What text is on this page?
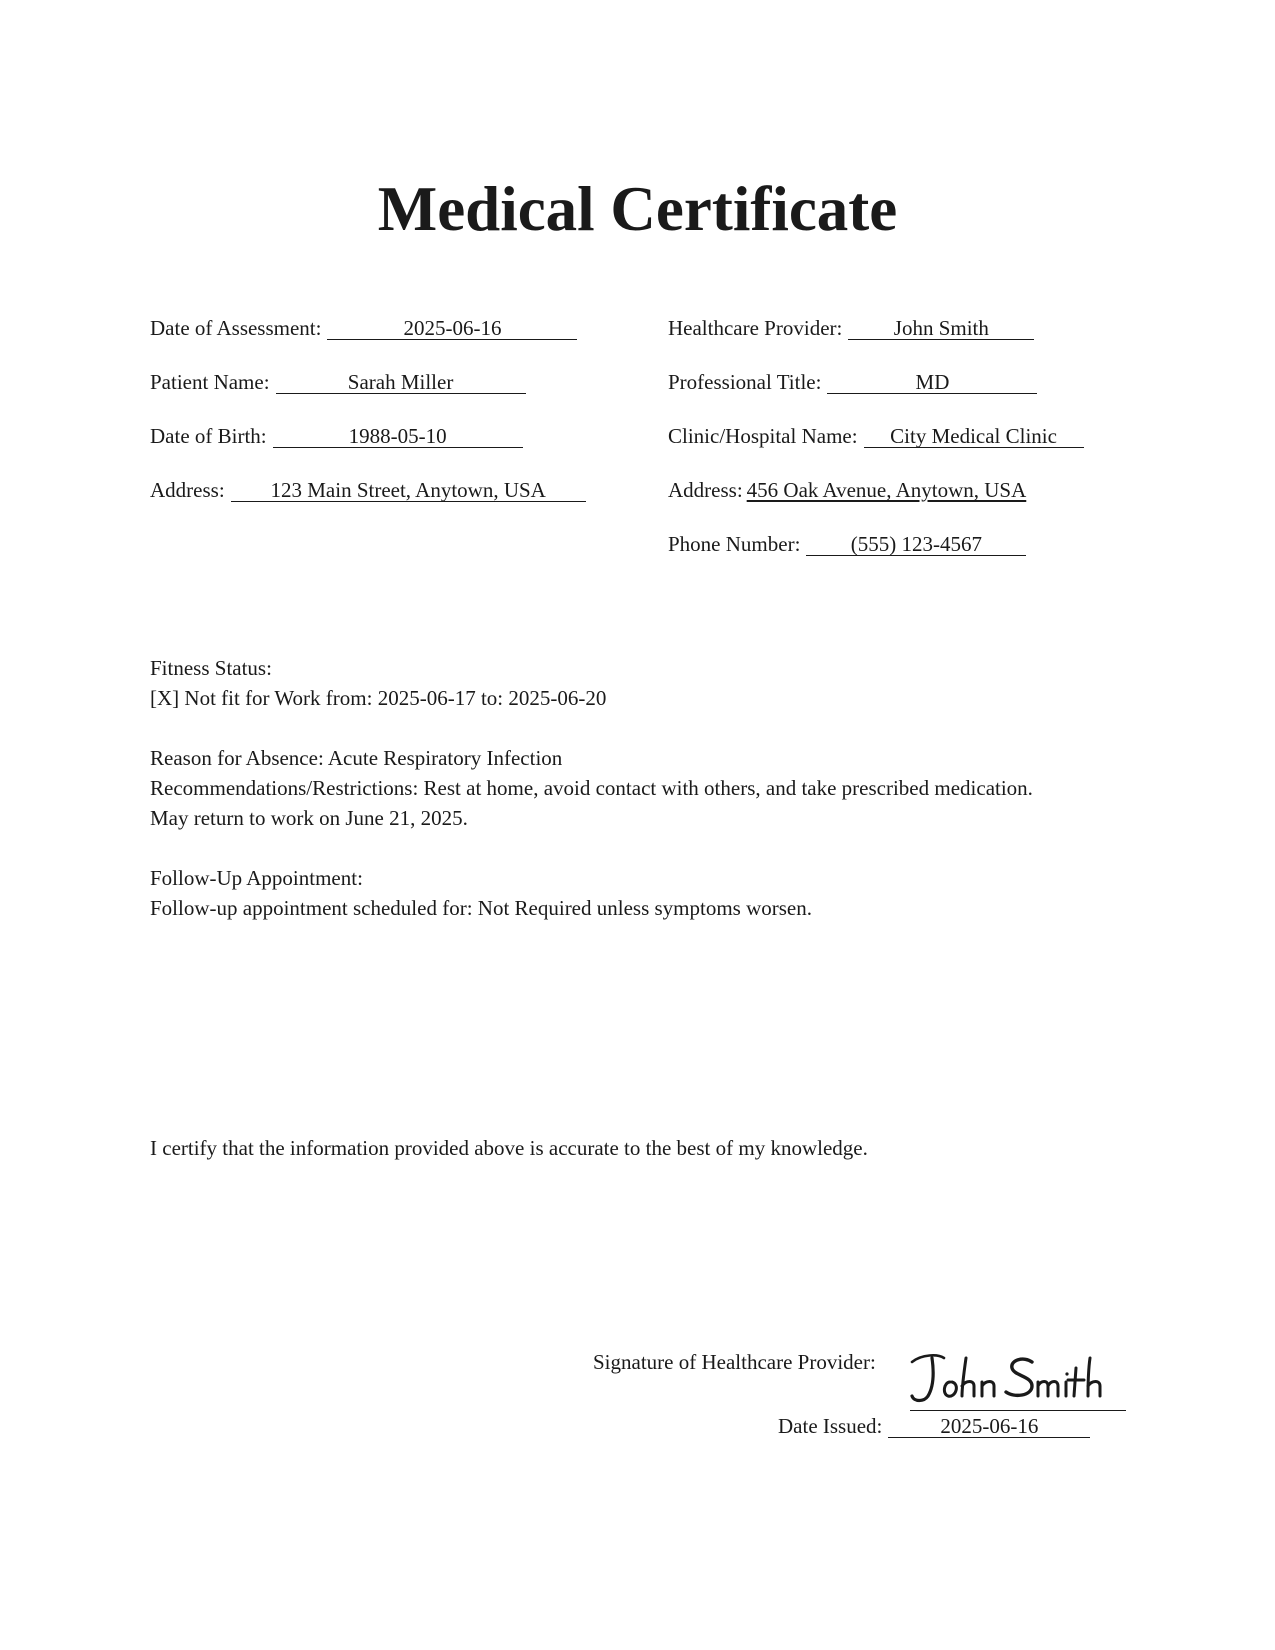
Medical Certificate
Date of Assessment:	2025-06-16
Patient Name:	Sarah Miller
Date of Birth:	1988-05-10
Address: 123 Main Street, Anytown, USA
Healthcare Provider: John Smith
Professional Title:	MD
Clinic/Hospital Name: City Medical Clinic
Address: 456 Oak Avenue, Anytown, USA
Phone Number: (555) 123-4567
Fitness Status:
[X] Not fit for Work from: 2025-06-17 to: 2025-06-20
Reason for Absence: Acute Respiratory Infection
Recommendations/Restrictions: Rest at home, avoid contact with others, and take prescribed medication.
May return to work on June 21, 2025.
Follow-Up Appointment:
Follow-up appointment scheduled for: Not Required unless symptoms worsen.
I certify that the information provided above is accurate to the best of my knowledge.
Signature of Healthcare Provider:
Date Issued:	2025-06-16
